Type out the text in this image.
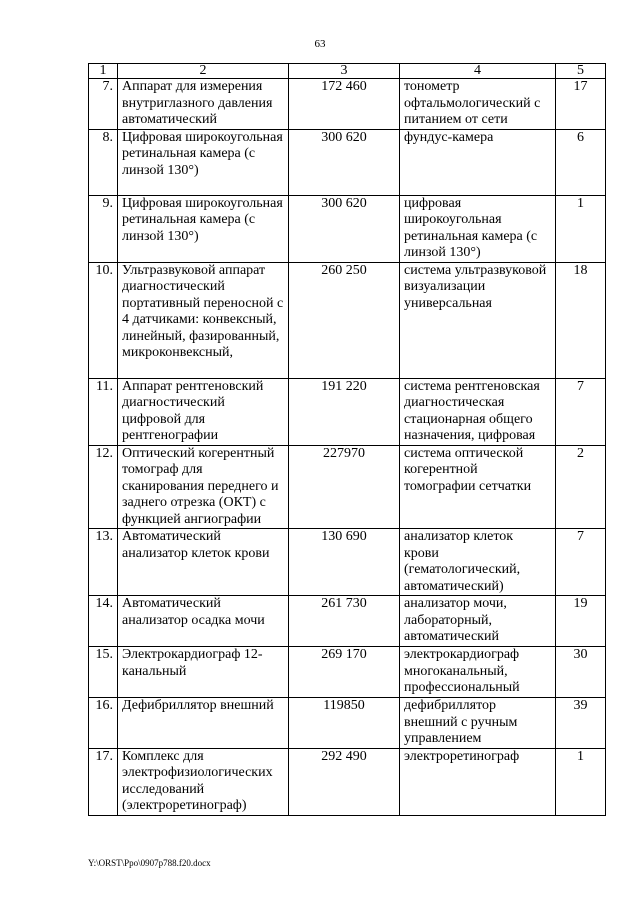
63
1	2	3	4	5
7.	Аппарат для измерения внутриглазного давления автоматический	172 460	тонометр офтальмологический с питанием от сети	17
8.	Цифровая широкоугольная ретинальная камера (с линзой 130°)	300 620	фундус-камера	6
9.	Цифровая широкоугольная ретинальная камера (с линзой 130°)	300 620	цифровая широкоугольная ретинальная камера (с линзой 130°)	1
10.	Ультразвуковой аппарат диагностический портативный переносной с 4 датчиками: конвексный, линейный, фазированный, микроконвексный,	260 250	система ультразвуковой визуализации универсальная	18
11.	Аппарат рентгеновский диагностический цифровой для рентгенографии	191 220	система рентгеновская диагностическая стационарная общего назначения, цифровая	7
12.	Оптический когерентный томограф для сканирования переднего и заднего отрезка (ОКТ) с функцией ангиографии	227970	система оптической когерентной томографии сетчатки	2
13.	Автоматический анализатор клеток крови	130 690	анализатор клеток крови (гематологический, автоматический)	7
14.	Автоматический анализатор осадка мочи	261 730	анализатор мочи, лабораторный, автоматический	19
15.	Электрокардиограф 12-канальный	269 170	электрокардиограф многоканальный, профессиональный	30
16.	Дефибриллятор внешний	119850	дефибриллятор внешний с ручным управлением	39
17.	Комплекс для электрофизиологических исследований (электроретинограф)	292 490	электроретинограф	1
Y:\ORST\Ppo\0907p788.f20.docx
